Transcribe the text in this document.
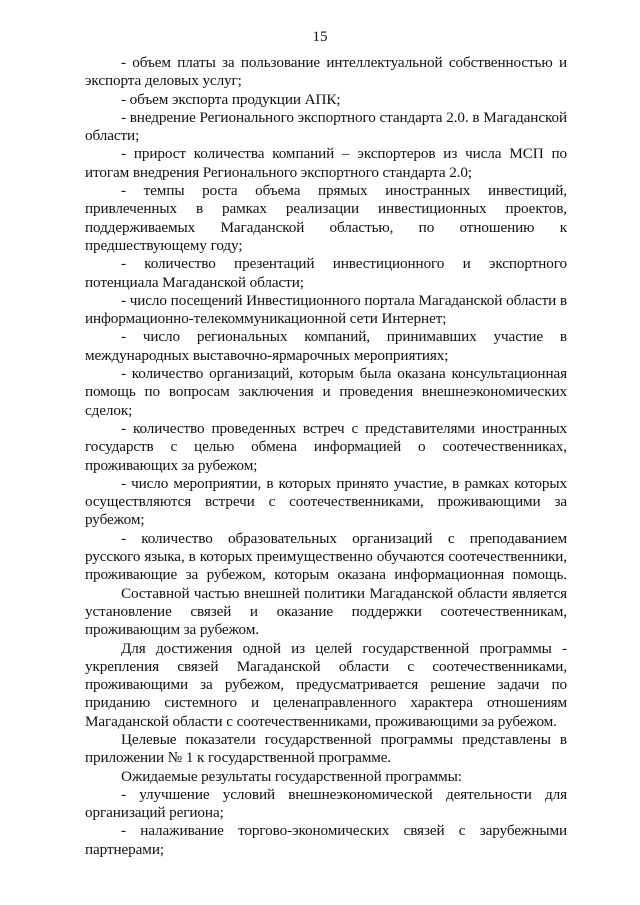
15

- объем платы за пользование интеллектуальной собственностью и экспорта деловых услуг;

- объем экспорта продукции АПК;

- внедрение Регионального экспортного стандарта 2.0. в Магаданской области;

- прирост количества компаний – экспортеров из числа МСП по итогам внедрения Регионального экспортного стандарта 2.0;

- темпы роста объема прямых иностранных инвестиций, привлеченных в рамках реализации инвестиционных проектов, поддерживаемых Магаданской областью, по отношению к предшествующему году;

- количество презентаций инвестиционного и экспортного потенциала Магаданской области;

- число посещений Инвестиционного портала Магаданской области в информационно-телекоммуникационной сети Интернет;

- число региональных компаний, принимавших участие в международных выставочно-ярмарочных мероприятиях;

- количество организаций, которым была оказана консультационная помощь по вопросам заключения и проведения внешнеэкономических сделок;

- количество проведенных встреч с представителями иностранных государств с целью обмена информацией о соотечественниках, проживающих за рубежом;

- число мероприятии, в которых принято участие, в рамках которых осуществляются встречи с соотечественниками, проживающими за рубежом;

- количество образовательных организаций с преподаванием русского языка, в которых преимущественно обучаются соотечественники, проживающие за рубежом, которым оказана информационная помощь.

Составной частью внешней политики Магаданской области является установление связей и оказание поддержки соотечественникам, проживающим за рубежом.

Для достижения одной из целей государственной программы - укрепления связей Магаданской области с соотечественниками, проживающими за рубежом, предусматривается решение задачи по приданию системного и целенаправленного характера отношениям Магаданской области с соотечественниками, проживающими за рубежом.

Целевые показатели государственной программы представлены в приложении № 1 к государственной программе.

Ожидаемые результаты государственной программы:

- улучшение условий внешнеэкономической деятельности для организаций региона;

- налаживание торгово-экономических связей с зарубежными партнерами;
